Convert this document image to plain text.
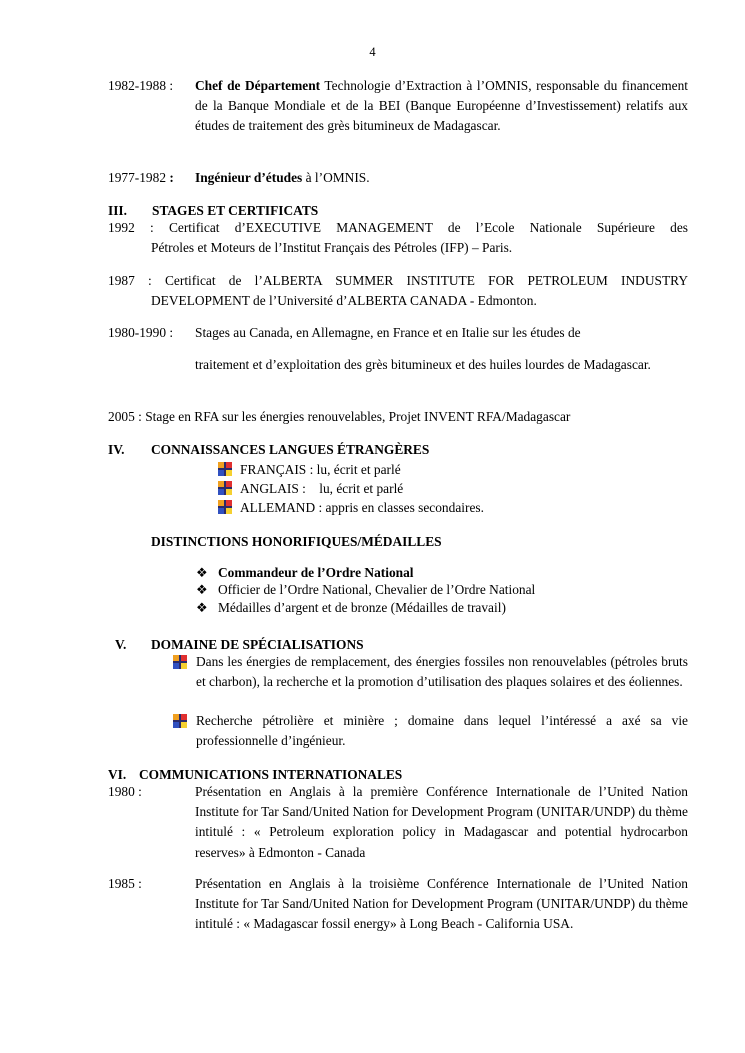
4
1982-1988 : Chef de Département Technologie d’Extraction à l’OMNIS, responsable du financement de la Banque Mondiale et de la BEI (Banque Européenne d’Investissement) relatifs aux études de traitement des grès bitumineux de Madagascar.
1977-1982 : Ingénieur d’études à l’OMNIS.
III. STAGES ET CERTIFICATS
1992 : Certificat d’EXECUTIVE MANAGEMENT de l’Ecole Nationale Supérieure des
Pétroles et Moteurs de l’Institut Français des Pétroles (IFP) – Paris.
1987 : Certificat de l’ALBERTA SUMMER INSTITUTE FOR PETROLEUM INDUSTRY
DEVELOPMENT de l’Université d’ALBERTA CANADA - Edmonton.
1980-1990 : Stages au Canada, en Allemagne, en France et en Italie sur les études de
traitement et d’exploitation des grès bitumineux et des huiles lourdes de Madagascar.
2005 : Stage en RFA sur les énergies renouvelables, Projet INVENT RFA/Madagascar
IV. CONNAISSANCES LANGUES ÉTRANGÈRES
FRANÇAIS : lu, écrit et parlé
ANGLAIS :    lu, écrit et parlé
ALLEMAND : appris en classes secondaires.
DISTINCTIONS HONORIFIQUES/MÉDAILLES
❖ Commandeur de l’Ordre National
❖ Officier de l’Ordre National, Chevalier de l’Ordre National
❖ Médailles d’argent et de bronze (Médailles de travail)
V. DOMAINE DE SPÉCIALISATIONS
Dans les énergies de remplacement, des énergies fossiles non renouvelables (pétroles bruts et charbon), la recherche et la promotion d’utilisation des plaques solaires et des éoliennes.
Recherche pétrolière et minière ; domaine dans lequel l’intéressé a axé sa vie professionnelle d’ingénieur.
VI. COMMUNICATIONS INTERNATIONALES
1980 :	Présentation en Anglais à la première Conférence Internationale de l’United Nation Institute for Tar Sand/United Nation for Development Program (UNITAR/UNDP) du thème intitulé : « Petroleum exploration policy in Madagascar and potential hydrocarbon reserves» à Edmonton - Canada
1985 :	Présentation en Anglais à la troisième Conférence Internationale de l’United Nation Institute for Tar Sand/United Nation for Development Program (UNITAR/UNDP) du thème intitulé : « Madagascar fossil energy» à Long Beach - California USA.
